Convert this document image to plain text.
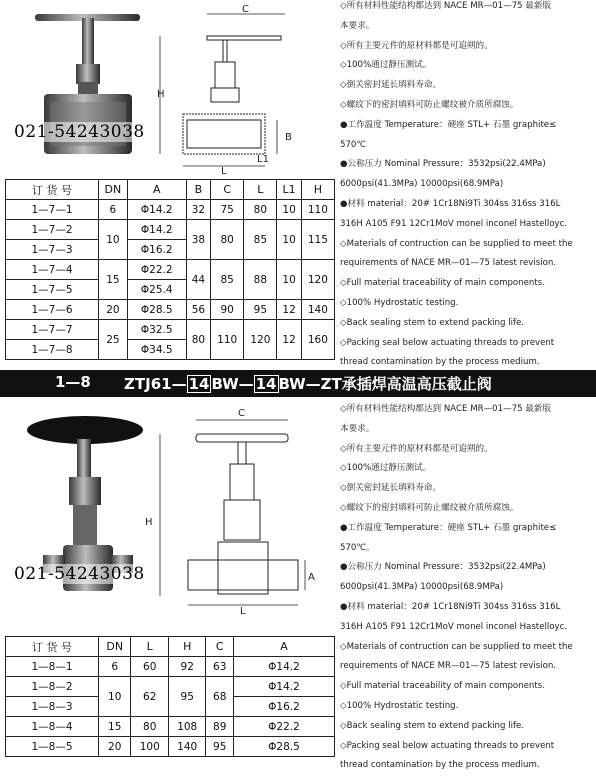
021-54243038
C
H
B
L
L1
◇所有材料性能结构都达到 NACE MR—01—75 最新版
本要求。
◇所有主要元件的原材料都是可追朔的。
◇100%通过静压测试。
◇倒关密封延长填料寿命。
◇螺纹下的密封填料可防止螺纹被介质所腐蚀。
●工作温度 Temperature：硬座 STL+ 石墨 graphite≤
570℃
●公称压力 Nominal Pressure：3532psi(22.4MPa)
6000psi(41.3MPa) 10000psi(68.9MPa)
●材料 material：20# 1Cr18Ni9Ti 304ss 316ss 316L
316H A105 F91 12Cr1MoV monel inconel Hastelloyc.
◇Materials of contruction can be supplied to meet the
requirements of NACE MR—01—75 latest revision.
◇Full material traceability of main components.
◇100% Hydrostatic testing.
◇Back sealing stem to extend packing life.
◇Packing seal below actuating threads to prevent
thread contamination by the process medium.
订 货 号	DN	A	B	C	L	L1	H
1—7—1	6	Φ14.2	32	75	80	10	110
1—7—2	10	Φ14.2	38	80	85	10	115
1—7—3		Φ16.2					
1—7—4	15	Φ22.2	44	85	88	10	120
1—7—5		Φ25.4					
1—7—6	20	Φ28.5	56	90	95	12	140
1—7—7	25	Φ32.5	80	110	120	12	160
1—7—8		Φ34.5					
1—8 ZTJ61— 14 BW— 14 BW—ZT承插焊高温高压截止阀
021-54243038
C
H
A
L
◇所有材料性能结构都达到 NACE MR—01—75 最新版
本要求。
◇所有主要元件的原材料都是可追朔的。
◇100%通过静压测试。
◇倒关密封延长填料寿命。
◇螺纹下的密封填料可防止螺纹被介质所腐蚀。
●工作温度 Temperature：硬座 STL+ 石墨 graphite≤
570℃。
●公称压力 Nominal Pressure：3532psi(22.4MPa)
6000psi(41.3MPa) 10000psi(68.9MPa)
●材料 material：20# 1Cr18Ni9Ti 304ss 316ss 316L
316H A105 F91 12Cr1MoV monel inconel Hastelloyc.
◇Materials of contruction can be supplied to meet the
requirements of NACE MR—01—75 latest revision.
◇Full material traceability of main components.
◇100% Hydrostatic testing.
◇Back sealing stem to extend packing life.
◇Packing seal below actuating threads to prevent
thread contamination by the process medium.
订 货 号	DN	L	H	C	A
1—8—1	6	60	92	63	Φ14.2
1—8—2	10	62	95	68	Φ14.2
1—8—3					Φ16.2
1—8—4	15	80	108	89	Φ22.2
1—8—5	20	100	140	95	Φ28.5
